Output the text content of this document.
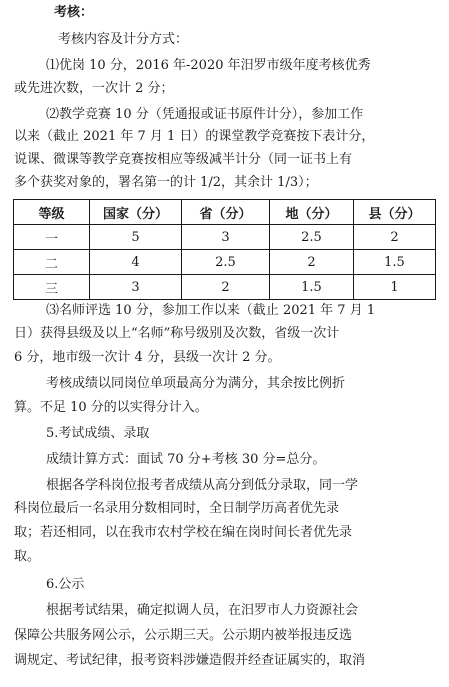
考核：
考核内容及计分方式：
⑴优岗 10 分，2016 年-2020 年汨罗市级年度考核优秀
或先进次数，一次计 2 分；
⑵教学竞赛 10 分（凭通报或证书原件计分），参加工作
以来（截止 2021 年 7 月 1 日）的课堂教学竞赛按下表计分，
说课、微课等教学竞赛按相应等级减半计分（同一证书上有
多个获奖对象的，署名第一的计 1/2，其余计 1/3）；
等级	国家（分）	省（分）	地（分）	县（分）
一	5	3	2.5	2
二	4	2.5	2	1.5
三	3	2	1.5	1
⑶名师评选 10 分，参加工作以来（截止 2021 年 7 月 1
日）获得县级及以上“名师”称号级别及次数，省级一次计
6 分，地市级一次计 4 分，县级一次计 2 分。
考核成绩以同岗位单项最高分为满分，其余按比例折
算。不足 10 分的以实得分计入。
5.考试成绩、录取
成绩计算方式：面试 70 分+考核 30 分=总分。
根据各学科岗位报考者成绩从高分到低分录取，同一学
科岗位最后一名录用分数相同时，全日制学历高者优先录
取；若还相同，以在我市农村学校在编在岗时间长者优先录
取。
6.公示
根据考试结果，确定拟调人员，在汨罗市人力资源社会
保障公共服务网公示，公示期三天。公示期内被举报违反选
调规定、考试纪律，报考资料涉嫌造假并经查证属实的，取消
